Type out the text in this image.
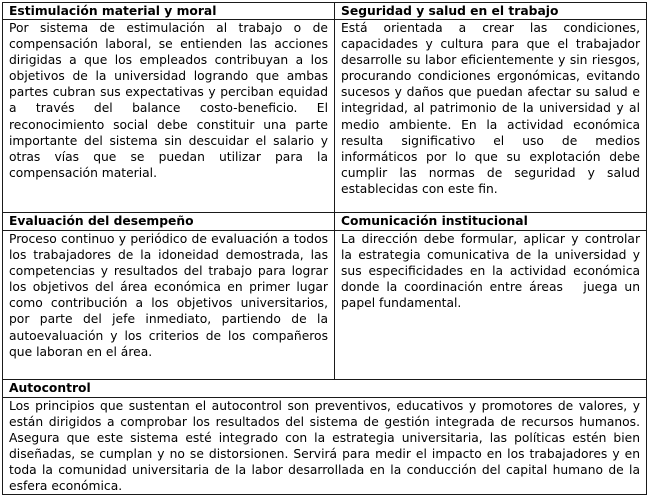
Estimulación material y moral
Por sistema de estimulación al trabajo o de compensación laboral, se entienden las acciones dirigidas a que los empleados contribuyan a los objetivos de la universidad logrando que ambas partes cubran sus expectativas y perciban equidad a través del balance costo-beneficio. El reconocimiento social debe constituir una parte importante del sistema sin descuidar el salario y otras vías que se puedan utilizar para la compensación material.
Seguridad y salud en el trabajo
Está orientada a crear las condiciones, capacidades y cultura para que el trabajador desarrolle su labor eficientemente y sin riesgos, procurando condiciones ergonómicas, evitando sucesos y daños que puedan afectar su salud e integridad, al patrimonio de la universidad y al medio ambiente. En la actividad económica resulta significativo el uso de medios informáticos por lo que su explotación debe cumplir las normas de seguridad y salud establecidas con este fin.
Evaluación del desempeño
Proceso continuo y periódico de evaluación a todos los trabajadores de la idoneidad demostrada, las competencias y resultados del trabajo para lograr los objetivos del área económica en primer lugar como contribución a los objetivos universitarios, por parte del jefe inmediato, partiendo de la autoevaluación y los criterios de los compañeros que laboran en el área.
Comunicación institucional
La dirección debe formular, aplicar y controlar la estrategia comunicativa de la universidad y sus especificidades en la actividad económica donde la coordinación entre áreas   juega un papel fundamental.
Autocontrol
Los principios que sustentan el autocontrol son preventivos, educativos y promotores de valores, y están dirigidos a comprobar los resultados del sistema de gestión integrada de recursos humanos. Asegura que este sistema esté integrado con la estrategia universitaria, las políticas estén bien diseñadas, se cumplan y no se distorsionen. Servirá para medir el impacto en los trabajadores y en toda la comunidad universitaria de la labor desarrollada en la conducción del capital humano de la esfera económica.
